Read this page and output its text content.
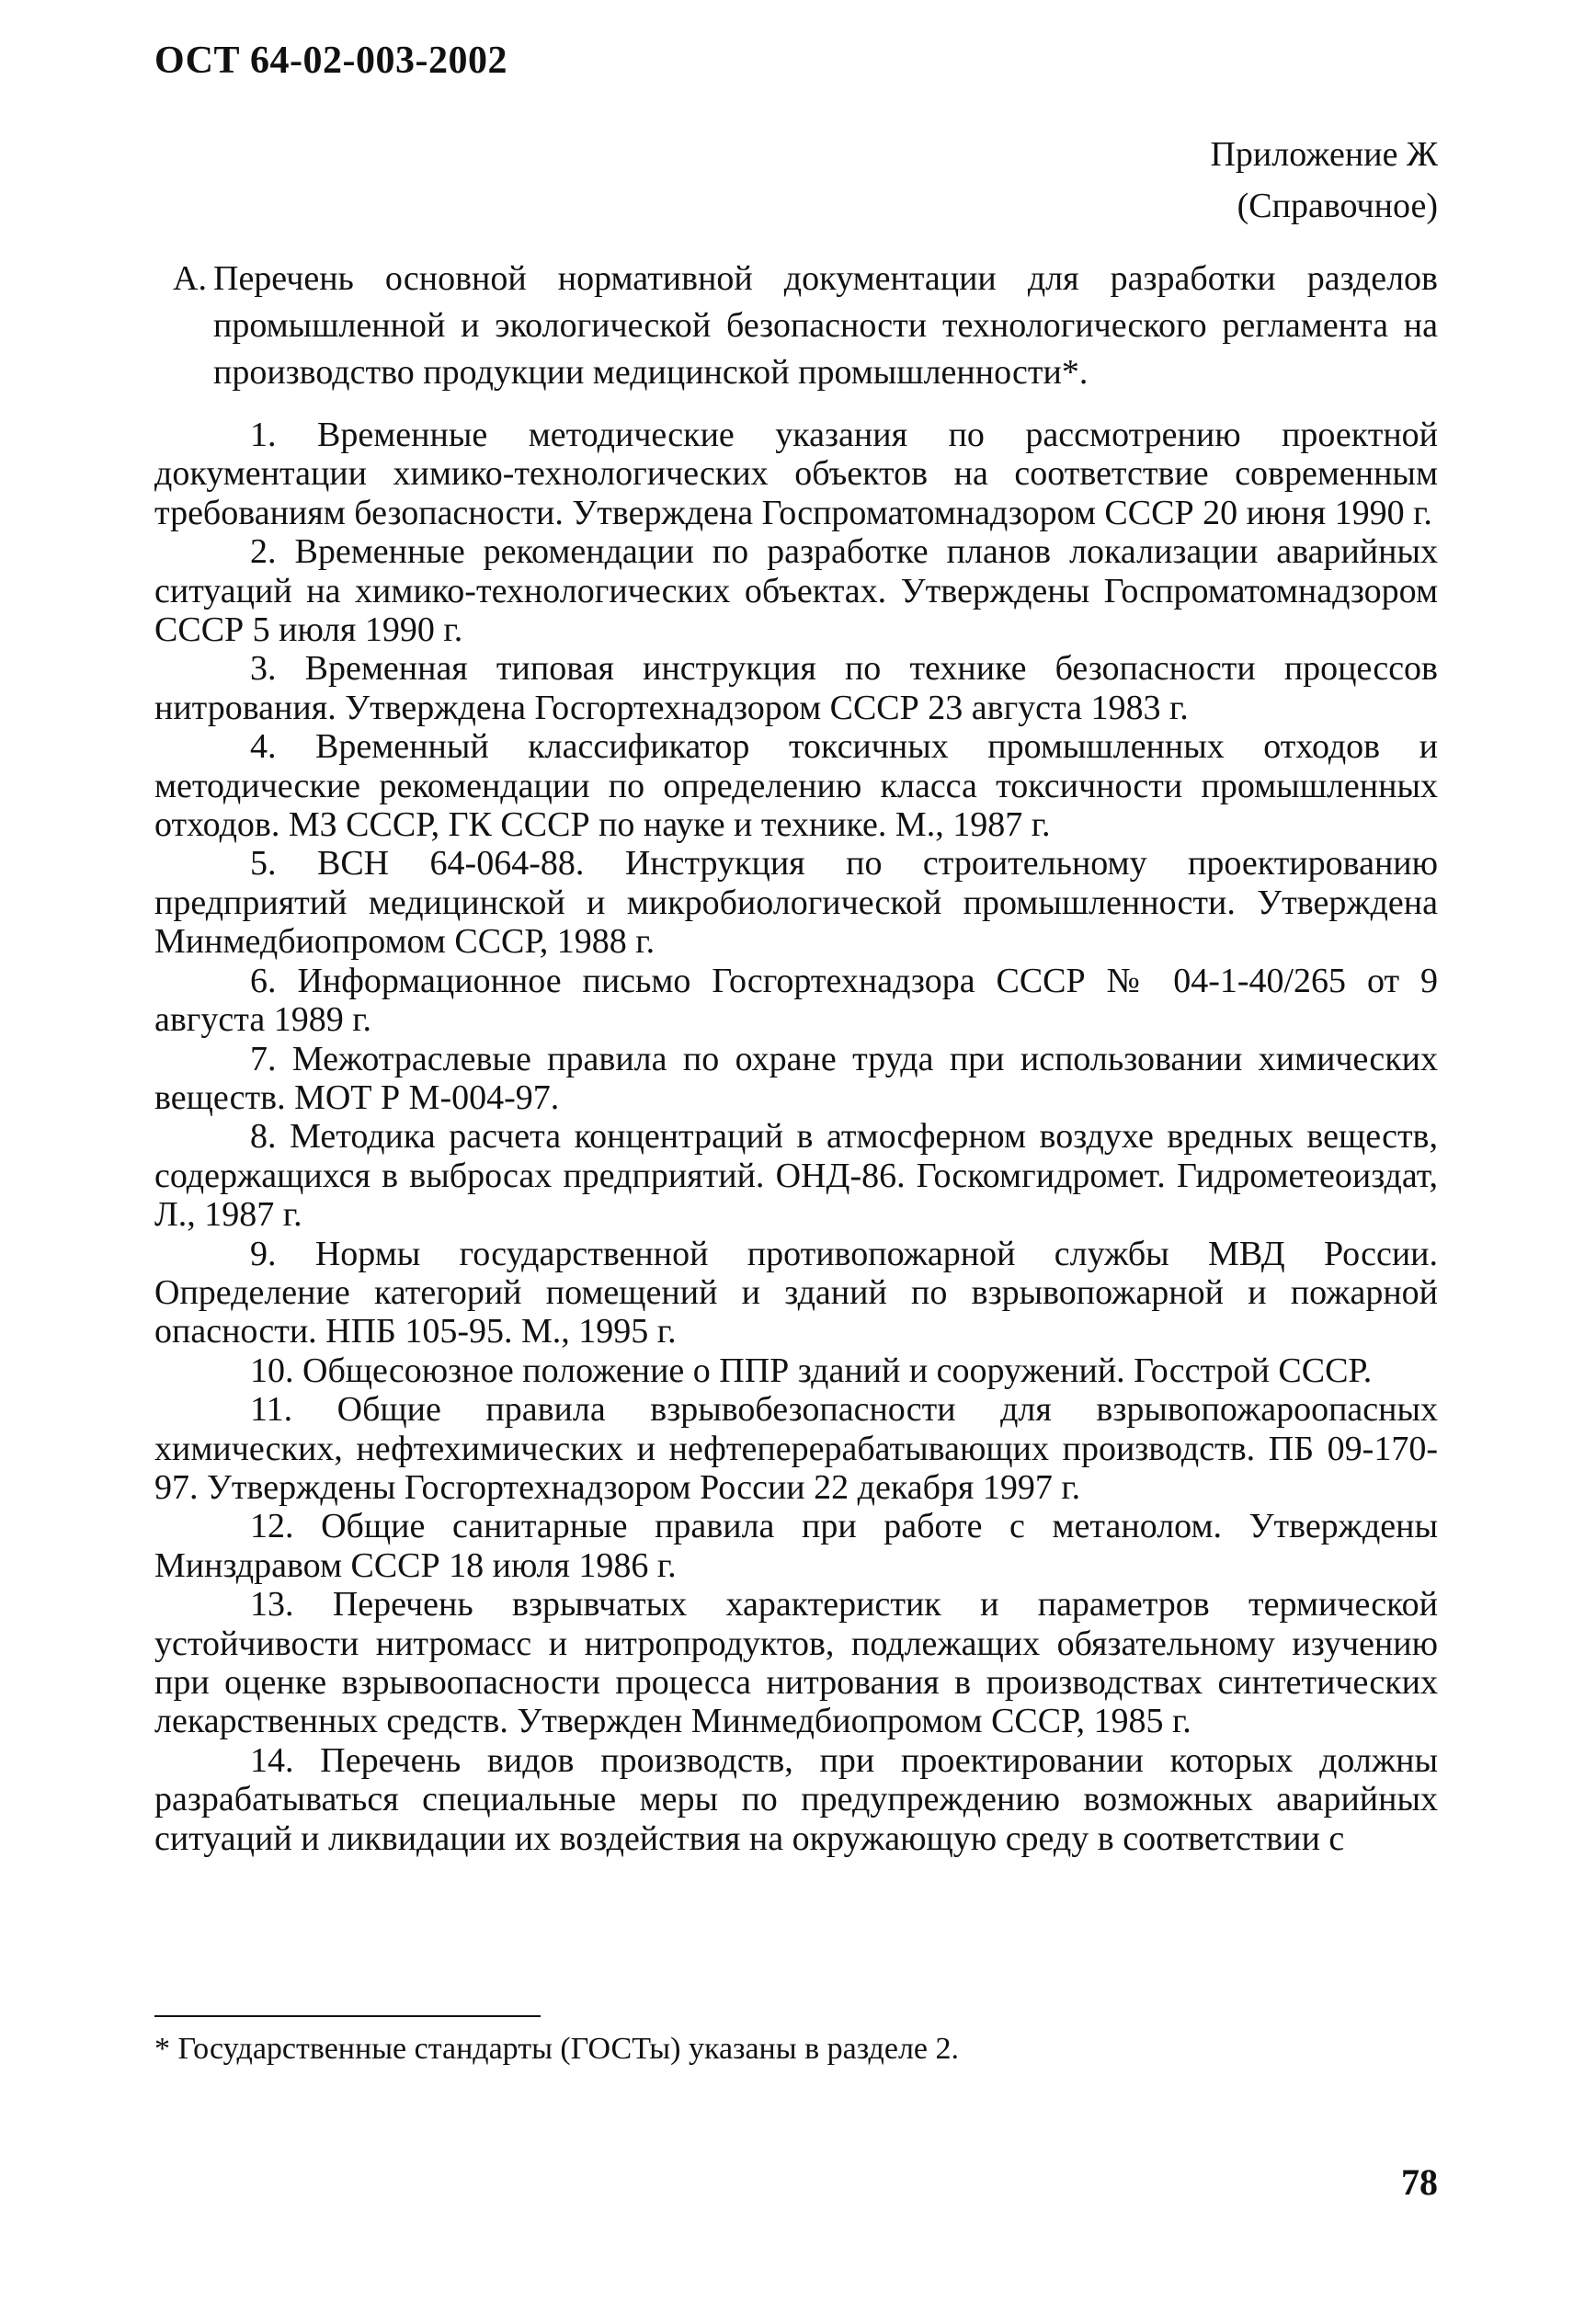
ОСТ 64-02-003-2002
Приложение Ж
(Справочное)
А. Перечень основной нормативной документации для разработки разделов промышленной и экологической безопасности технологического регламента на производство продукции медицинской промышленности*.

1. Временные методические указания по рассмотрению проектной документации химико-технологических объектов на соответствие современным требованиям безопасности. Утверждена Госпроматомнадзором СССР 20 июня 1990 г.

2. Временные рекомендации по разработке планов локализации аварийных ситуаций на химико-технологических объектах. Утверждены Госпроматомнадзором СССР 5 июля 1990 г.

3. Временная типовая инструкция по технике безопасности процессов нитрования. Утверждена Госгортехнадзором СССР 23 августа 1983 г.

4. Временный классификатор токсичных промышленных отходов и методические рекомендации по определению класса токсичности промышленных отходов. МЗ СССР, ГК СССР по науке и технике. М., 1987 г.

5. ВСН 64-064-88. Инструкция по строительному проектированию предприятий медицинской и микробиологической промышленности. Утверждена Минмедбиопромом СССР, 1988 г.

6. Информационное письмо Госгортехнадзора СССР № 04-1-40/265 от 9 августа 1989 г.

7. Межотраслевые правила по охране труда при использовании химических веществ. МОТ Р М-004-97.

8. Методика расчета концентраций в атмосферном воздухе вредных веществ, содержащихся в выбросах предприятий. ОНД-86. Госкомгидромет. Гидрометеоиздат, Л., 1987 г.

9. Нормы государственной противопожарной службы МВД России. Определение категорий помещений и зданий по взрывопожарной и пожарной опасности. НПБ 105-95. М., 1995 г.

10. Общесоюзное положение о ППР зданий и сооружений. Госстрой СССР.

11. Общие правила взрывобезопасности для взрывопожароопасных химических, нефтехимических и нефтеперерабатывающих производств. ПБ 09-170-97. Утверждены Госгортехнадзором России 22 декабря 1997 г.

12. Общие санитарные правила при работе с метанолом. Утверждены Минздравом СССР 18 июля 1986 г.

13. Перечень взрывчатых характеристик и параметров термической устойчивости нитромасс и нитропродуктов, подлежащих обязательному изучению при оценке взрывоопасности процесса нитрования в производствах синтетических лекарственных средств. Утвержден Минмедбиопромом СССР, 1985 г.

14. Перечень видов производств, при проектировании которых должны разрабатываться специальные меры по предупреждению возможных аварийных ситуаций и ликвидации их воздействия на окружающую среду в соответствии с

* Государственные стандарты (ГОСТы) указаны в разделе 2.
78
